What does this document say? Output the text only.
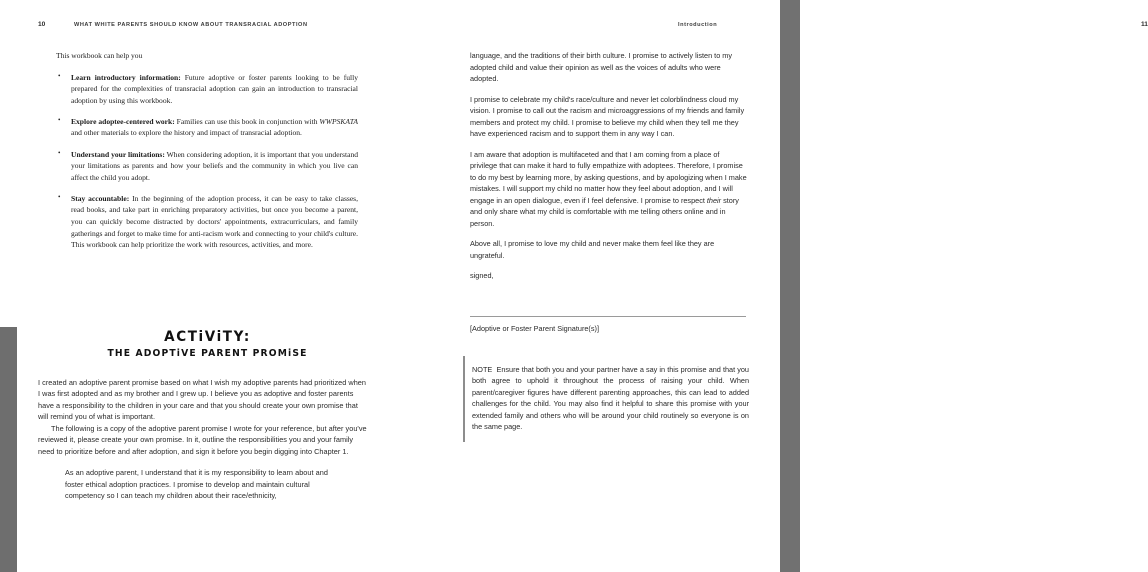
10	WHAT WHITE PARENTS SHOULD KNOW ABOUT TRANSRACIAL ADOPTION
This workbook can help you
• Learn introductory information: Future adoptive or foster parents looking to be fully prepared for the complexities of transracial adoption can gain an introduction to transracial adoption by using this workbook.
• Explore adoptee-centered work: Families can use this book in conjunction with WWPSKATA and other materials to explore the history and impact of transracial adoption.
• Understand your limitations: When considering adoption, it is important that you understand your limitations as parents and how your beliefs and the community in which you live can affect the child you adopt.
• Stay accountable: In the beginning of the adoption process, it can be easy to take classes, read books, and take part in enriching preparatory activities, but once you become a parent, you can quickly become distracted by doctors' appointments, extracurriculars, and family gatherings and forget to make time for anti-racism work and connecting to your child's culture. This workbook can help prioritize the work with resources, activities, and more.
ACTiViTY:
THE ADOPTiVE PARENT PROMiSE

I created an adoptive parent promise based on what I wish my adoptive parents had prioritized when I was first adopted and as my brother and I grew up. I believe you as adoptive and foster parents have a responsibility to the children in your care and that you should create your own promise that will remind you of what is important.

The following is a copy of the adoptive parent promise I wrote for your reference, but after you've reviewed it, please create your own promise. In it, outline the responsibilities you and your family need to prioritize before and after adoption, and sign it before you begin digging into Chapter 1.

As an adoptive parent, I understand that it is my responsibility to learn about and foster ethical adoption practices. I promise to develop and maintain cultural competency so I can teach my children about their race/ethnicity,

Introduction	11

language, and the traditions of their birth culture. I promise to actively listen to my adopted child and value their opinion as well as the voices of adults who were adopted.

I promise to celebrate my child's race/culture and never let colorblindness cloud my vision. I promise to call out the racism and microaggressions of my friends and family members and protect my child. I promise to believe my child when they tell me they have experienced racism and to support them in any way I can.

I am aware that adoption is multifaceted and that I am coming from a place of privilege that can make it hard to fully empathize with adoptees. Therefore, I promise to do my best by learning more, by asking questions, and by apologizing when I make mistakes. I will support my child no matter how they feel about adoption, and I will engage in an open dialogue, even if I feel defensive. I promise to respect their story and only share what my child is comfortable with me telling others online and in person.

Above all, I promise to love my child and never make them feel like they are ungrateful.

signed,

[Adoptive or Foster Parent Signature(s)]
NOTE Ensure that both you and your partner have a say in this promise and that you both agree to uphold it throughout the process of raising your child. When parent/caregiver figures have different parenting approaches, this can lead to added challenges for the child. You may also find it helpful to share this promise with your extended family and others who will be around your child routinely so everyone is on the same page.
